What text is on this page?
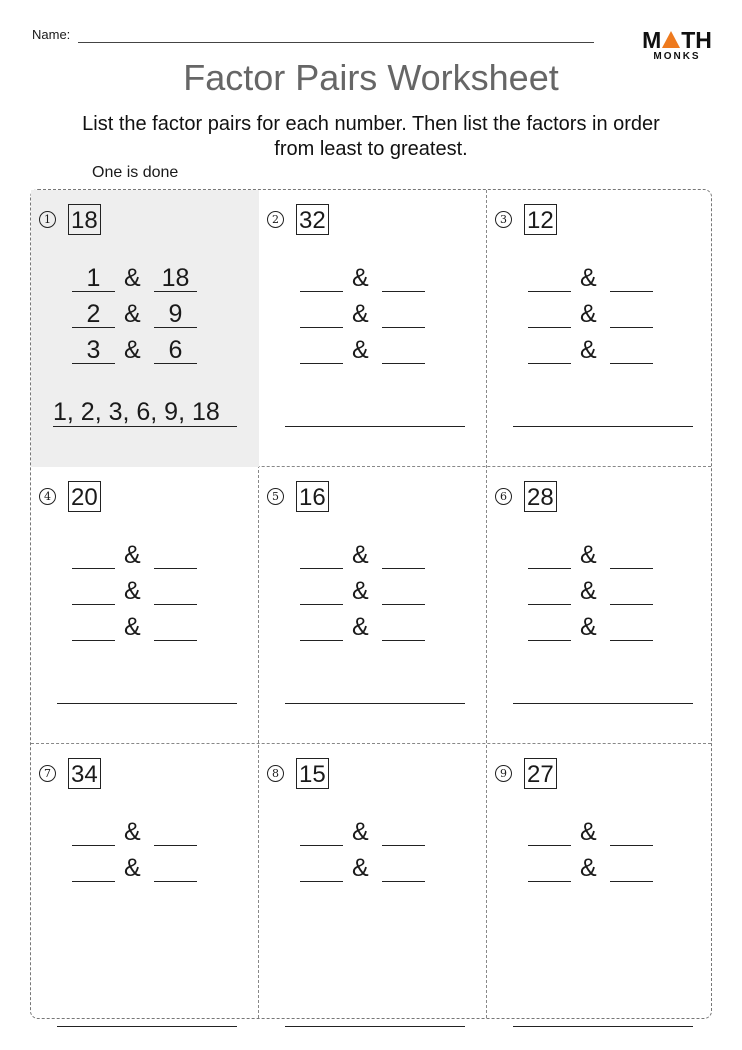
Name:	M TH
MONKS
Factor Pairs Worksheet
List the factor pairs for each number. Then list the factors in order
from least to greatest.
One is done
1 18
1 & 18
2 &	9
3 &	6
1, 2, 3, 6, 9, 18
2 32
&
&
&
3 12
&
&
&
4 20
&
&
&
5 16
&
&
&
6 28
&
&
&
7 34
&
&
8 15
&
&
9 27
&
&
